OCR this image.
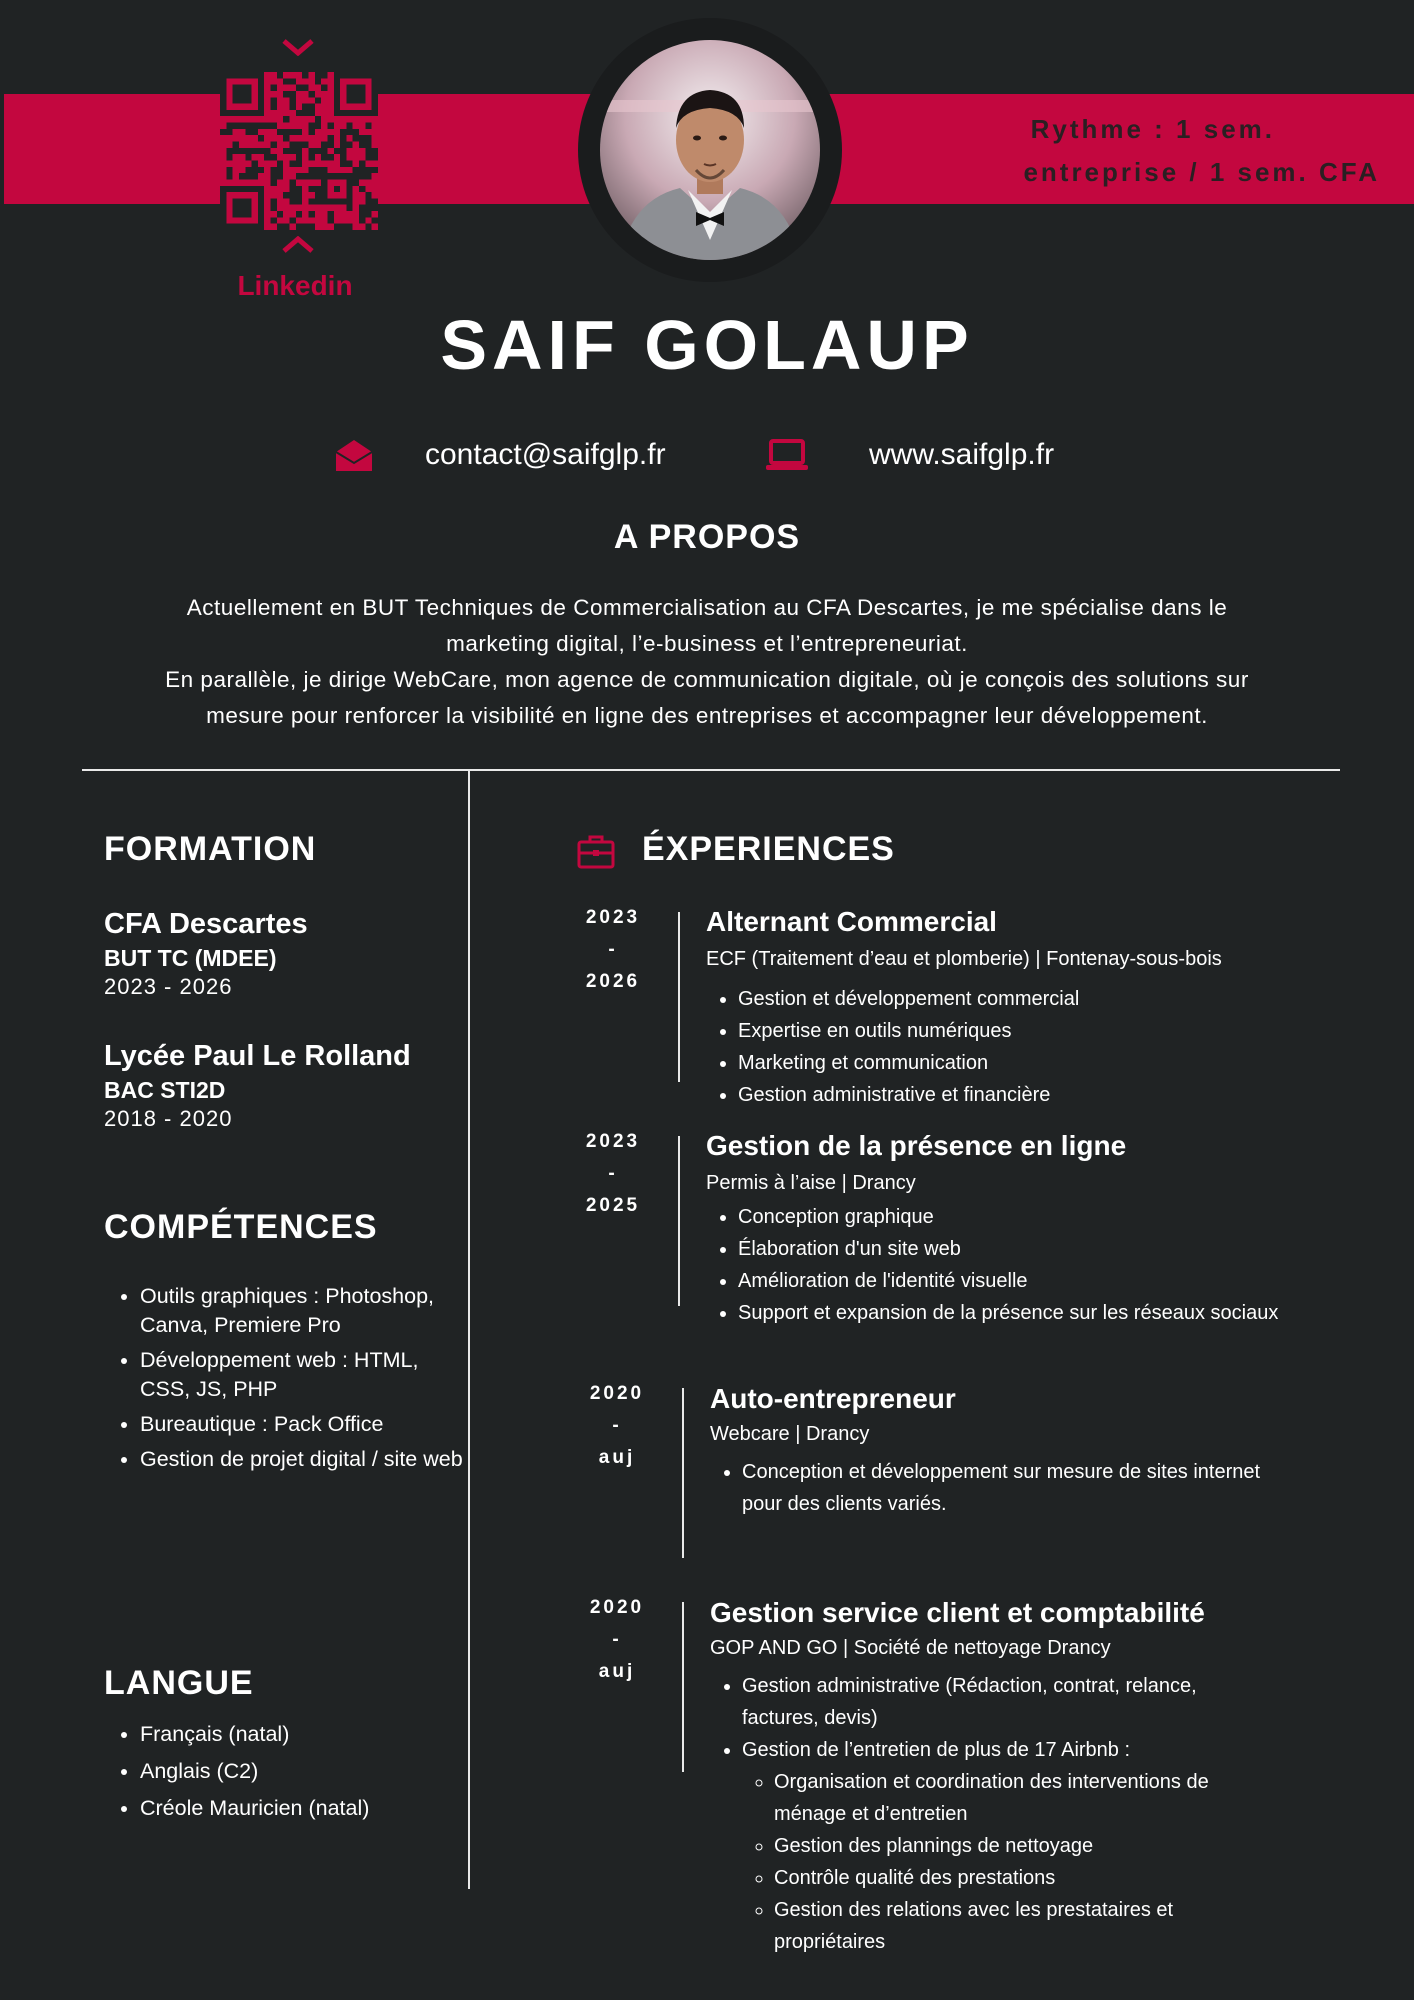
Linkedin
Rythme : 1 sem.
entreprise / 1 sem. CFA
SAIF GOLAUP
contact@saifglp.fr	www.saifglp.fr
A PROPOS
Actuellement en BUT Techniques de Commercialisation au CFA Descartes, je me spécialise dans le
marketing digital, l’e-business et l’entrepreneuriat.
En parallèle, je dirige WebCare, mon agence de communication digitale, où je conçois des solutions sur
mesure pour renforcer la visibilité en ligne des entreprises et accompagner leur développement.
FORMATION
CFA Descartes
BUT TC (MDEE)
2023 - 2026
Lycée Paul Le Rolland
BAC STI2D
2018 - 2020
COMPÉTENCES
• Outils graphiques : Photoshop, Canva, Premiere Pro
• Développement web : HTML, CSS, JS, PHP
• Bureautique : Pack Office
• Gestion de projet digital / site web
LANGUE
• Français (natal)
• Anglais (C2)
• Créole Mauricien (natal)
ÉXPERIENCES
2023
-
2026
Alternant Commercial
ECF (Traitement d’eau et plomberie) | Fontenay-sous-bois
• Gestion et développement commercial
• Expertise en outils numériques
• Marketing et communication
• Gestion administrative et financière
2023
-
2025
Gestion de la présence en ligne
Permis à l’aise | Drancy
• Conception graphique
• Élaboration d'un site web
• Amélioration de l'identité visuelle
• Support et expansion de la présence sur les réseaux sociaux
2020
-
auj
Auto-entrepreneur
Webcare | Drancy
• Conception et développement sur mesure de sites internet pour des clients variés.
2020
-
auj
Gestion service client et comptabilité
GOP AND GO | Société de nettoyage Drancy
• Gestion administrative (Rédaction, contrat, relance, factures, devis)
• Gestion de l’entretien de plus de 17 Airbnb :
◦ Organisation et coordination des interventions de ménage et d’entretien
◦ Gestion des plannings de nettoyage
◦ Contrôle qualité des prestations
◦ Gestion des relations avec les prestataires et propriétaires
